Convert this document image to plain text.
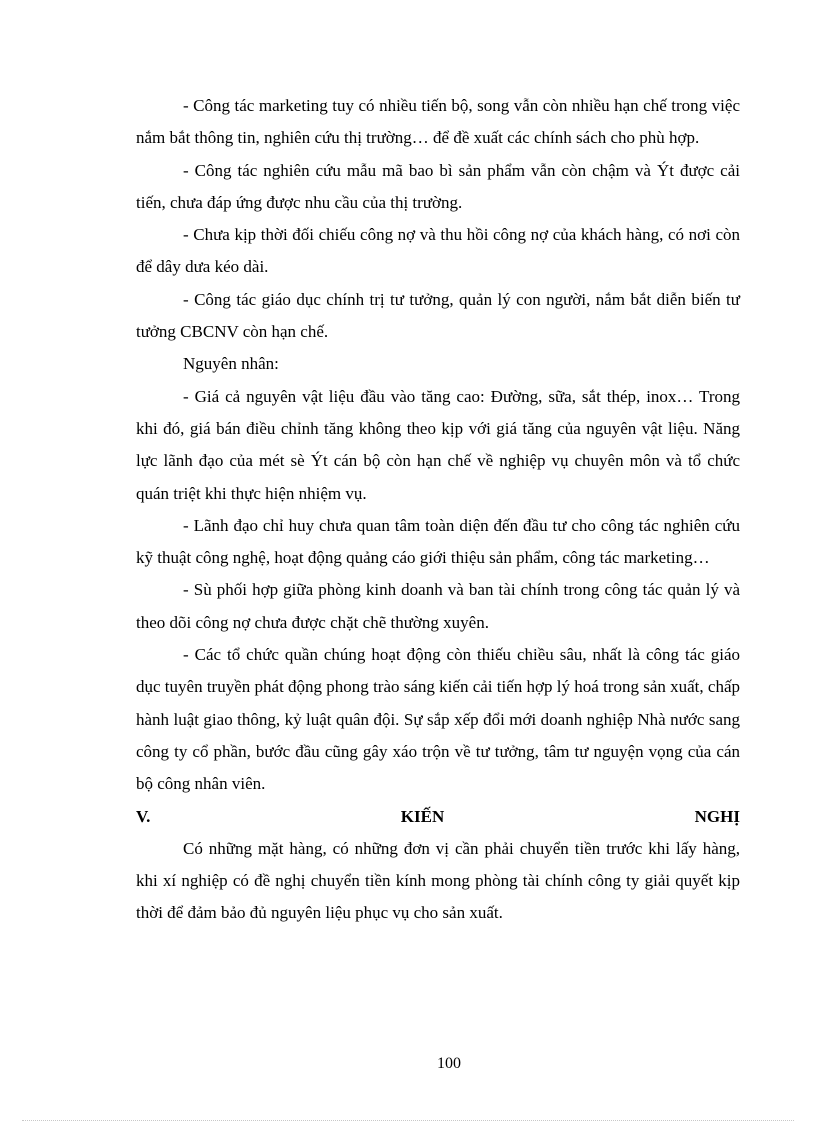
- Công tác marketing tuy có nhiều tiến bộ, song vẫn còn nhiều hạn chế trong việc nắm bắt thông tin, nghiên cứu thị trường… để đề xuất các chính sách cho phù hợp.

- Công tác nghiên cứu mẫu mã bao bì sản phẩm vẫn còn chậm và Ýt được cải tiến, chưa đáp ứng được nhu cầu của thị trường.

- Chưa kịp thời đối chiếu công nợ và thu hồi công nợ của khách hàng, có nơi còn để dây dưa kéo dài.

- Công tác giáo dục chính trị tư tưởng, quản lý con người, nắm bắt diễn biến tư tưởng CBCNV còn hạn chế.

Nguyên nhân:

- Giá cả nguyên vật liệu đầu vào tăng cao: Đường, sữa, sắt thép, inox… Trong khi đó, giá bán điều chỉnh tăng không theo kịp với giá tăng của nguyên vật liệu. Năng lực lãnh đạo của mét sè Ýt cán bộ còn hạn chế về nghiệp vụ chuyên môn và tổ chức quán triệt khi thực hiện nhiệm vụ.

- Lãnh đạo chỉ huy chưa quan tâm toàn diện đến đầu tư cho công tác nghiên cứu kỹ thuật công nghệ, hoạt động quảng cáo giới thiệu sản phẩm, công tác marketing…

- Sù phối hợp giữa phòng kinh doanh và ban tài chính trong công tác quản lý và theo dõi công nợ chưa được chặt chẽ thường xuyên.

- Các tổ chức quần chúng hoạt động còn thiếu chiều sâu, nhất là công tác giáo dục tuyên truyền phát động phong trào sáng kiến cải tiến hợp lý hoá trong sản xuất, chấp hành luật giao thông, kỷ luật quân đội. Sự sắp xếp đổi mới doanh nghiệp Nhà nước sang công ty cổ phần, bước đầu cũng gây xáo trộn về tư tưởng, tâm tư nguyện vọng của cán bộ công nhân viên.

V.	KIẾN	NGHỊ

Có những mặt hàng, có những đơn vị cần phải chuyển tiền trước khi lấy hàng, khi xí nghiệp có đề nghị chuyển tiền kính mong phòng tài chính công ty giải quyết kịp thời để đảm bảo đủ nguyên liệu phục vụ cho sản xuất.

100
